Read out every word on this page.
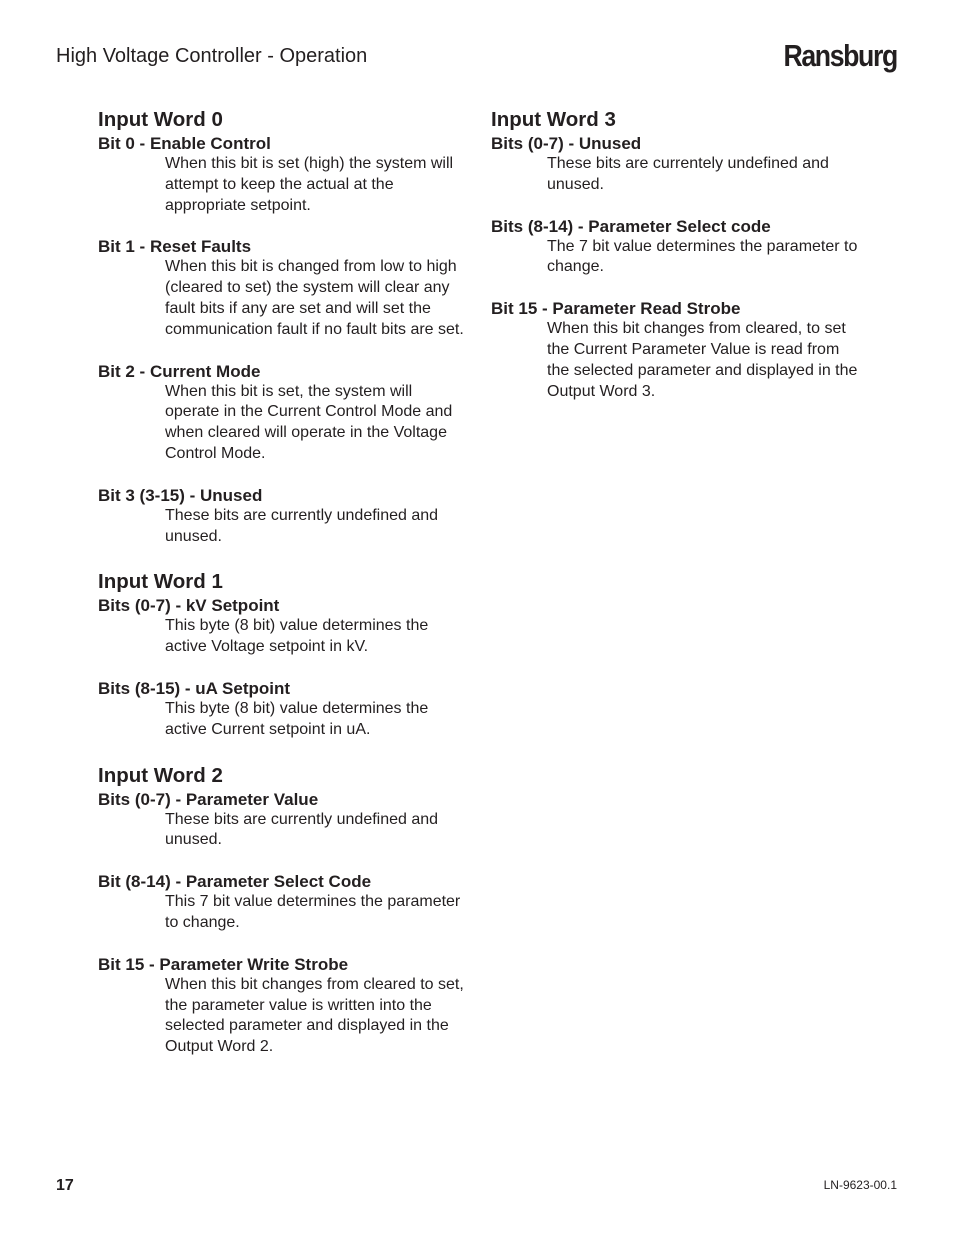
High Voltage Controller - Operation	Ransburg
Input Word 0
Bit 0 - Enable Control
When this bit is set (high) the system will attempt to keep the actual at the appropriate setpoint.
Bit 1 - Reset Faults
When this bit is changed from low to high (cleared to set) the system will clear any fault bits if any are set and will set the communication fault if no fault bits are set.
Bit 2 - Current Mode
When this bit is set, the system will operate in the Current Control Mode and when cleared will operate in the Voltage Control Mode.
Bit 3 (3-15) - Unused
These bits are currently undefined and unused.
Input Word 1
Bits (0-7) - kV Setpoint
This byte (8 bit) value determines the active Voltage setpoint in kV.
Bits (8-15) - uA Setpoint
This byte (8 bit) value determines the active Current setpoint in uA.
Input Word 2
Bits (0-7) - Parameter Value
These bits are currently undefined and unused.
Bit (8-14) - Parameter Select Code
This 7 bit value determines the parameter to change.
Bit 15 - Parameter Write Strobe
When this bit changes from cleared to set, the parameter value is written into the selected parameter and displayed in the Output Word 2.
Input Word 3
Bits (0-7) - Unused
These bits are currentely undefined and unused.
Bits (8-14) - Parameter Select code
The 7 bit value determines the parameter to change.
Bit 15 - Parameter Read Strobe
When this bit changes from cleared, to set the Current Parameter Value is read from the selected parameter and displayed in the Output Word 3.
17	LN-9623-00.1
